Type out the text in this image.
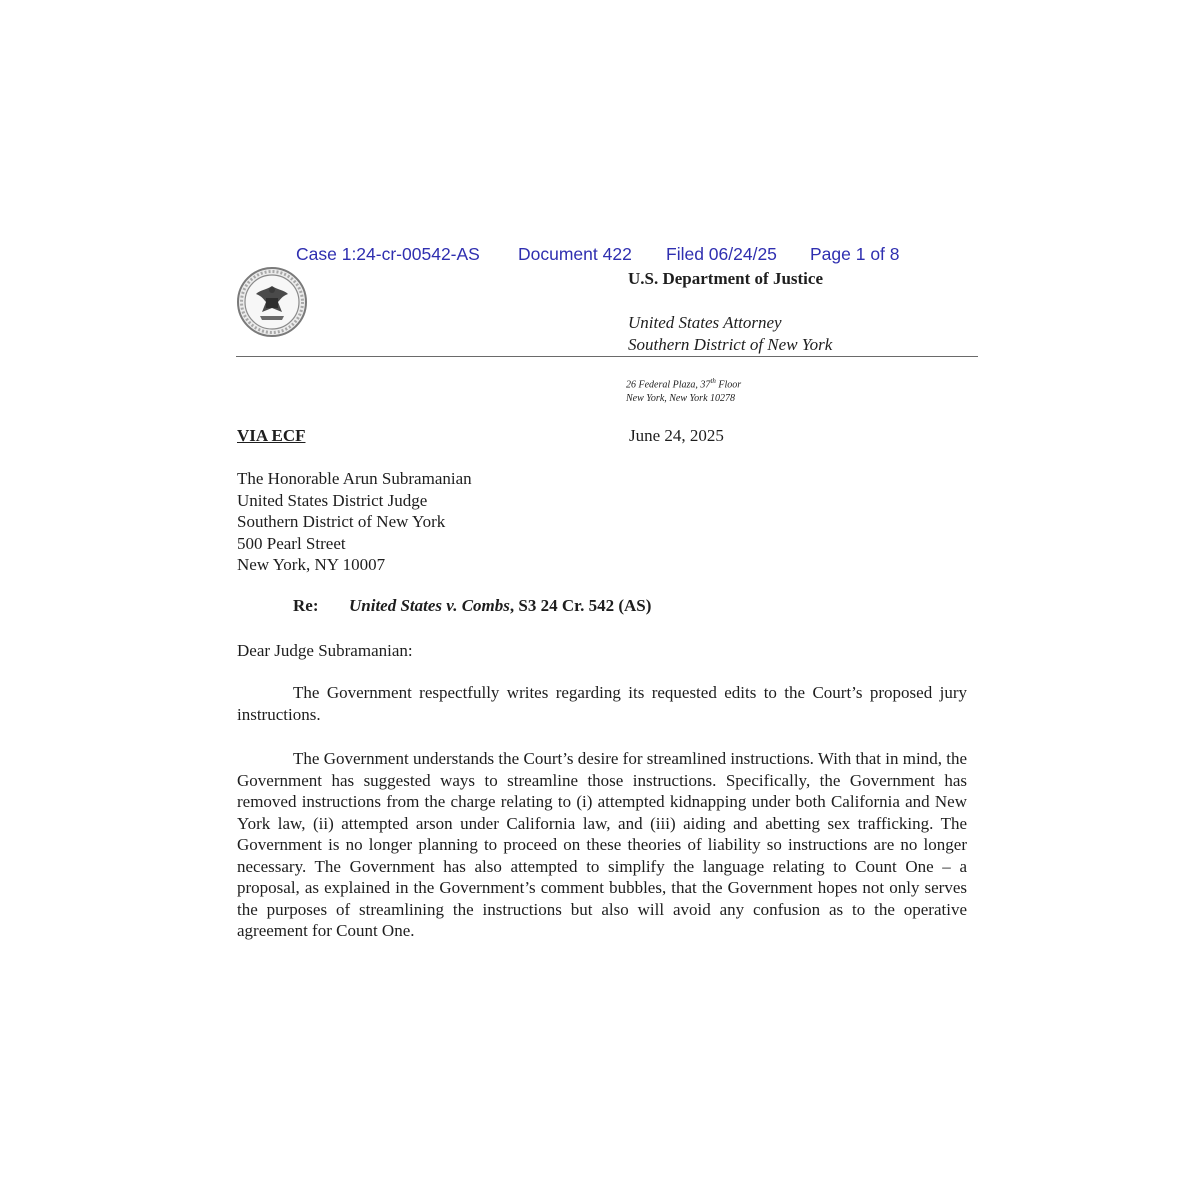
Case 1:24-cr-00542-AS Document 422 Filed 06/24/25 Page 1 of 8
U.S. Department of Justice
United States Attorney
Southern District of New York
26 Federal Plaza, 37th Floor
New York, New York 10278
VIA ECF	June 24, 2025
The Honorable Arun Subramanian
United States District Judge
Southern District of New York
500 Pearl Street
New York, NY 10007
Re: United States v. Combs, S3 24 Cr. 542 (AS)
Dear Judge Subramanian:
The Government respectfully writes regarding its requested edits to the Court’s proposed jury instructions.
The Government understands the Court’s desire for streamlined instructions. With that in mind, the Government has suggested ways to streamline those instructions. Specifically, the Government has removed instructions from the charge relating to (i) attempted kidnapping under both California and New York law, (ii) attempted arson under California law, and (iii) aiding and abetting sex trafficking. The Government is no longer planning to proceed on these theories of liability so instructions are no longer necessary. The Government has also attempted to simplify the language relating to Count One – a proposal, as explained in the Government’s comment bubbles, that the Government hopes not only serves the purposes of streamlining the instructions but also will avoid any confusion as to the operative agreement for Count One.
